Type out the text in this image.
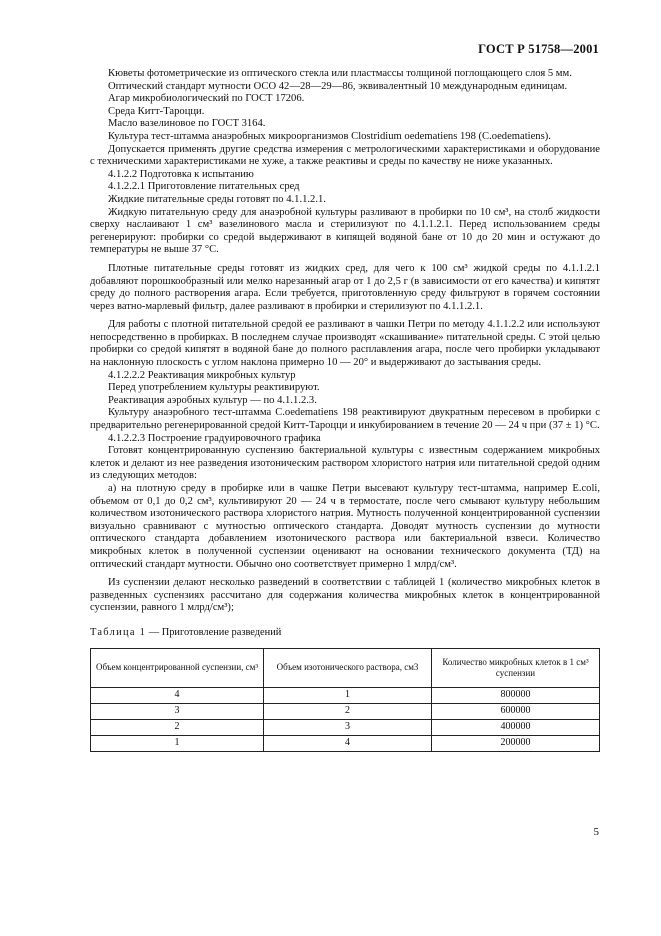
ГОСТ Р 51758—2001

Кюветы фотометрические из оптического стекла или пластмассы толщиной поглощающего слоя 5 мм.

Оптический стандарт мутности ОСО 42—28—29—86, эквивалентный 10 международным единицам.

Агар микробиологический по ГОСТ 17206.

Среда Китт-Тароцци.

Масло вазелиновое по ГОСТ 3164.

Культура тест-штамма анаэробных микроорганизмов Clostridium oedematiens 198 (C.oedematiens).

Допускается применять другие средства измерения с метрологическими характеристиками и оборудование с техническими характеристиками не хуже, а также реактивы и среды по качеству не ниже указанных.

4.1.2.2 Подготовка к испытанию

4.1.2.2.1 Приготовление питательных сред

Жидкие питательные среды готовят по 4.1.1.2.1.

Жидкую питательную среду для анаэробной культуры разливают в пробирки по 10 см³, на столб жидкости сверху наслаивают 1 см³ вазелинового масла и стерилизуют по 4.1.1.2.1. Перед использованием среды регенерируют: пробирки со средой выдерживают в кипящей водяной бане от 10 до 20 мин и остужают до температуры не выше 37 °С.

Плотные питательные среды готовят из жидких сред, для чего к 100 см³ жидкой среды по 4.1.1.2.1 добавляют порошкообразный или мелко нарезанный агар от 1 до 2,5 г (в зависимости от его качества) и кипятят среду до полного растворения агара. Если требуется, приготовленную среду фильтруют в горячем состоянии через ватно-марлевый фильтр, далее разливают в пробирки и стерилизуют по 4.1.1.2.1.

Для работы с плотной питательной средой ее разливают в чашки Петри по методу 4.1.1.2.2 или используют непосредственно в пробирках. В последнем случае производят «скашивание» питательной среды. С этой целью пробирки со средой кипятят в водяной бане до полного расплавления агара, после чего пробирки укладывают на наклонную плоскость с углом наклона примерно 10 — 20° и выдерживают до застывания среды.

4.1.2.2.2 Реактивация микробных культур

Перед употреблением культуры реактивируют.

Реактивация аэробных культур — по 4.1.1.2.3.

Культуру анаэробного тест-штамма C.oedematiens 198 реактивируют двукратным пересевом в пробирки с предварительно регенерированной средой Китт-Тароцци и инкубированием в течение 20 — 24 ч при (37 ± 1) °С.

4.1.2.2.3 Построение градуировочного графика

Готовят концентрированную суспензию бактериальной культуры с известным содержанием микробных клеток и делают из нее разведения изотоническим раствором хлористого натрия или питательной средой одним из следующих методов:

а) на плотную среду в пробирке или в чашке Петри высевают культуру тест-штамма, например E.coli, объемом от 0,1 до 0,2 см³, культивируют 20 — 24 ч в термостате, после чего смывают культуру небольшим количеством изотонического раствора хлористого натрия. Мутность полученной концентрированной суспензии визуально сравнивают с мутностью оптического стандарта. Доводят мутность суспензии до мутности оптического стандарта добавлением изотонического раствора или бактериальной взвеси. Количество микробных клеток в полученной суспензии оценивают на основании технического документа (ТД) на оптический стандарт мутности. Обычно оно соответствует примерно 1 млрд/см³.

Из суспензии делают несколько разведений в соответствии с таблицей 1 (количество микробных клеток в разведенных суспензиях рассчитано для содержания количества микробных клеток в концентрированной суспензии, равного 1 млрд/см³);

Таблица 1 — Приготовление разведений
Объем концентрированной суспензии, см³	Объем изотонического раствора, см3	Количество микробных клеток в 1 см³ суспензии
4	1	800000
3	2	600000
2	3	400000
1	4	200000
5
